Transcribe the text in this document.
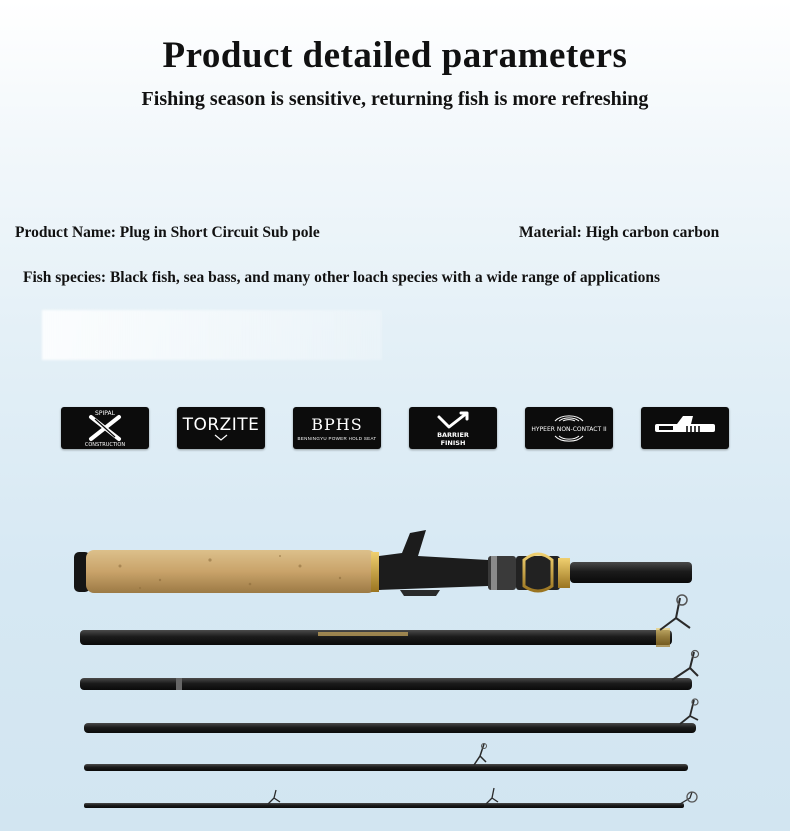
Product detailed parameters
Fishing season is sensitive, returning fish is more refreshing
Product Name: Plug in Short Circuit Sub pole	Material: High carbon carbon
Fish species: Black fish, sea bass, and many other loach species with a wide range of applications
SPIPAL
CONSTRUCTION
TORZITE	BPHS
BENNINGYU POWER HOLD SEAT	BARRIER
FINISH
HYPEER NON-CONTACT II
